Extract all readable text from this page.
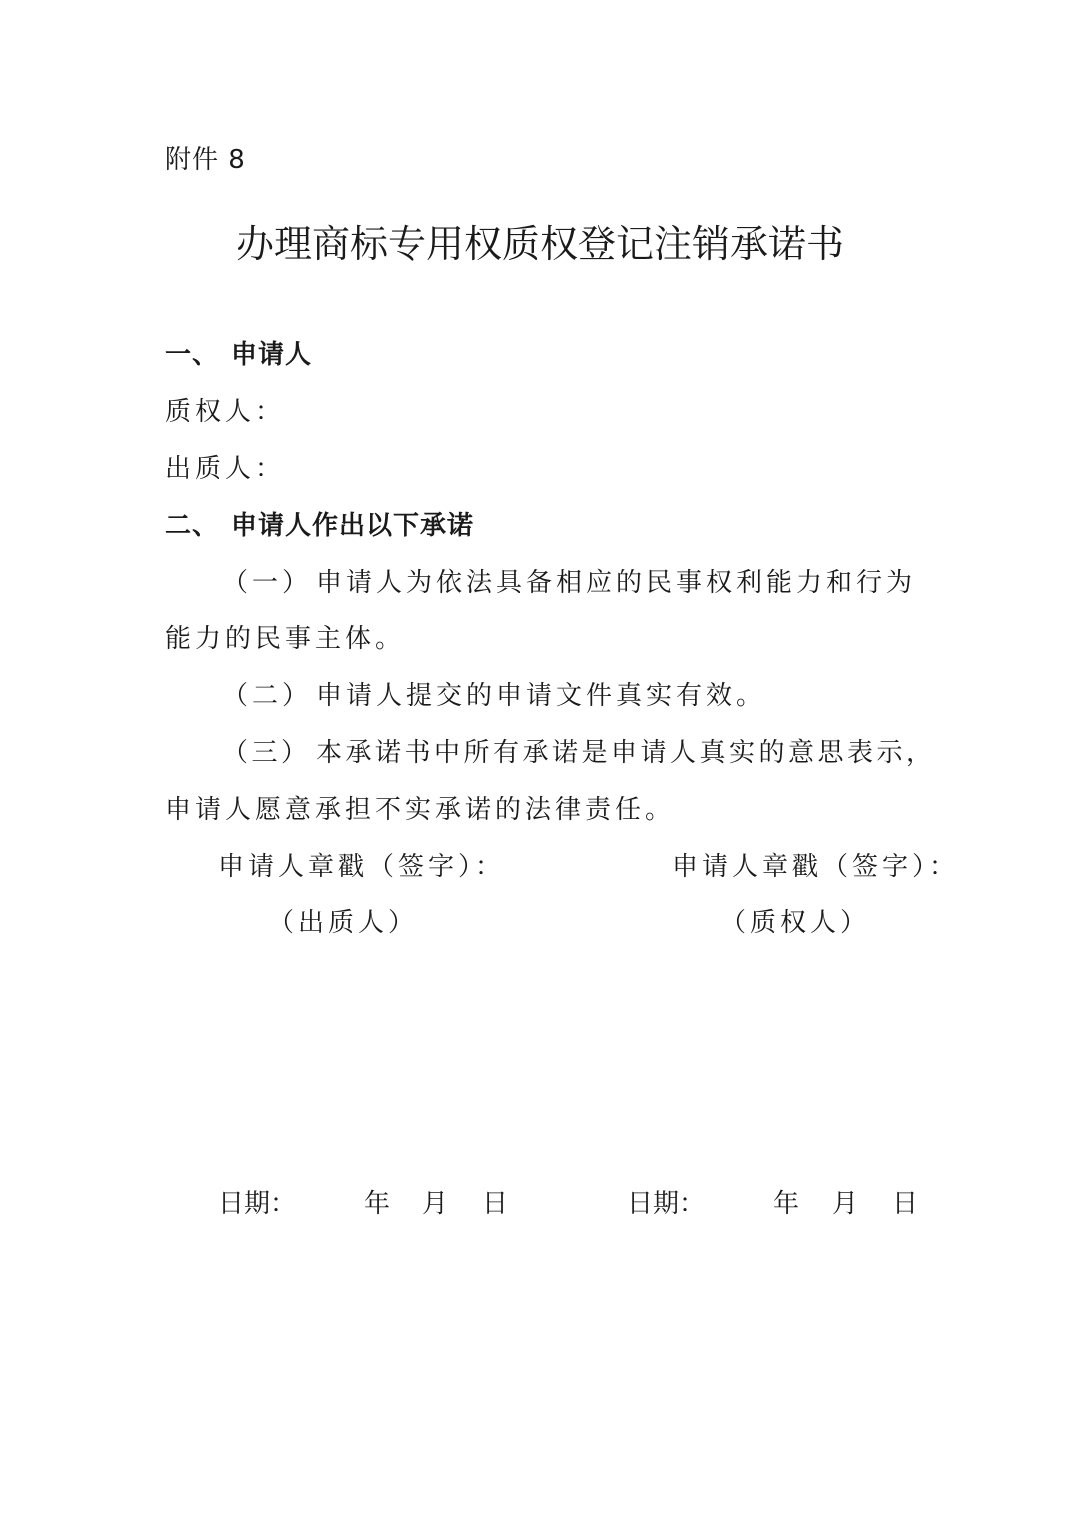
附件 8
办理商标专用权质权登记注销承诺书
一、 申请人
质权人：
出质人：
二、 申请人作出以下承诺
（一） 申请人为依法具备相应的民事权利能力和行为
能力的民事主体。
（二） 申请人提交的申请文件真实有效。
（三） 本承诺书中所有承诺是申请人真实的意思表示，
申请人愿意承担不实承诺的法律责任。
申请人章戳（签字）：	申请人章戳（签字）：
（出质人）	（质权人）
日期：	年 月 日	日期：	年 月 日
